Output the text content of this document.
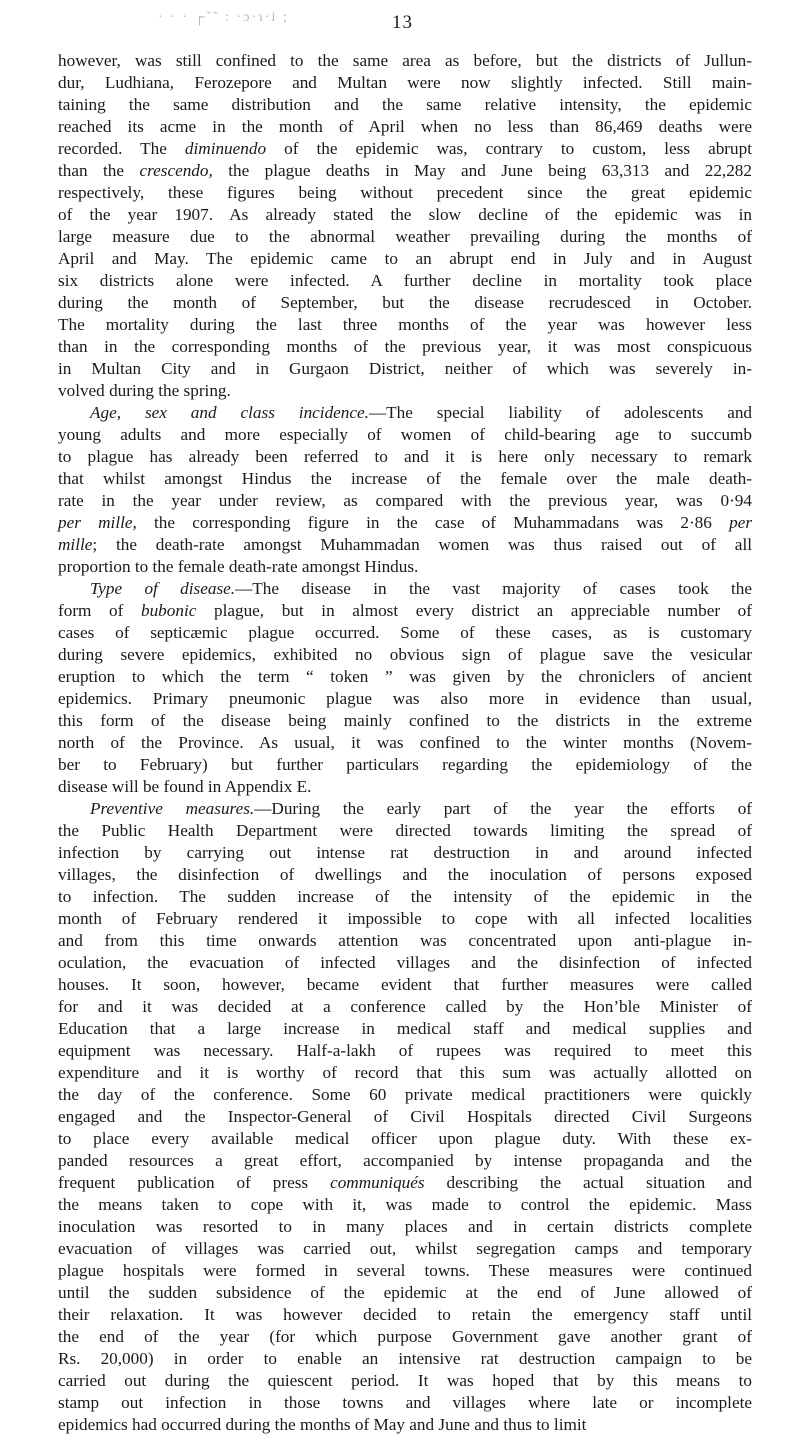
· · · ┌˜˜ : ·ɔ·ɿ·i ;	13
however, was still confined to the same area as before, but the districts of Jullun-
dur, Ludhiana, Ferozepore and Multan were now slightly infected. Still main-
taining the same distribution and the same relative intensity, the epidemic
reached its acme in the month of April when no less than 86,469 deaths were
recorded. The diminuendo of the epidemic was, contrary to custom, less abrupt
than the crescendo, the plague deaths in May and June being 63,313 and 22,282
respectively, these figures being without precedent since the great epidemic
of the year 1907. As already stated the slow decline of the epidemic was in
large measure due to the abnormal weather prevailing during the months of
April and May. The epidemic came to an abrupt end in July and in August
six districts alone were infected. A further decline in mortality took place
during the month of September, but the disease recrudesced in October.
The mortality during the last three months of the year was however less
than in the corresponding months of the previous year, it was most conspicuous
in Multan City and in Gurgaon District, neither of which was severely in-
volved during the spring.
Age, sex and class incidence.—The special liability of adolescents and
young adults and more especially of women of child-bearing age to succumb
to plague has already been referred to and it is here only necessary to remark
that whilst amongst Hindus the increase of the female over the male death-
rate in the year under review, as compared with the previous year, was 0·94
per mille, the corresponding figure in the case of Muhammadans was 2·86 per
mille; the death-rate amongst Muhammadan women was thus raised out of all
proportion to the female death-rate amongst Hindus.
Type of disease.—The disease in the vast majority of cases took the
form of bubonic plague, but in almost every district an appreciable number of
cases of septicæmic plague occurred. Some of these cases, as is customary
during severe epidemics, exhibited no obvious sign of plague save the vesicular
eruption to which the term “ token ” was given by the chroniclers of ancient
epidemics. Primary pneumonic plague was also more in evidence than usual,
this form of the disease being mainly confined to the districts in the extreme
north of the Province. As usual, it was confined to the winter months (Novem-
ber to February) but further particulars regarding the epidemiology of the
disease will be found in Appendix E.
Preventive measures.—During the early part of the year the efforts of
the Public Health Department were directed towards limiting the spread of
infection by carrying out intense rat destruction in and around infected
villages, the disinfection of dwellings and the inoculation of persons exposed
to infection. The sudden increase of the intensity of the epidemic in the
month of February rendered it impossible to cope with all infected localities
and from this time onwards attention was concentrated upon anti-plague in-
oculation, the evacuation of infected villages and the disinfection of infected
houses. It soon, however, became evident that further measures were called
for and it was decided at a conference called by the Hon’ble Minister of
Education that a large increase in medical staff and medical supplies and
equipment was necessary. Half-a-lakh of rupees was required to meet this
expenditure and it is worthy of record that this sum was actually allotted on
the day of the conference. Some 60 private medical practitioners were quickly
engaged and the Inspector-General of Civil Hospitals directed Civil Surgeons
to place every available medical officer upon plague duty. With these ex-
panded resources a great effort, accompanied by intense propaganda and the
frequent publication of press communiqués describing the actual situation and
the means taken to cope with it, was made to control the epidemic. Mass
inoculation was resorted to in many places and in certain districts complete
evacuation of villages was carried out, whilst segregation camps and temporary
plague hospitals were formed in several towns. These measures were continued
until the sudden subsidence of the epidemic at the end of June allowed of
their relaxation. It was however decided to retain the emergency staff until
the end of the year (for which purpose Government gave another grant of
Rs. 20,000) in order to enable an intensive rat destruction campaign to be
carried out during the quiescent period. It was hoped that by this means to
stamp out infection in those towns and villages where late or incomplete
epidemics had occurred during the months of May and June and thus to limit
